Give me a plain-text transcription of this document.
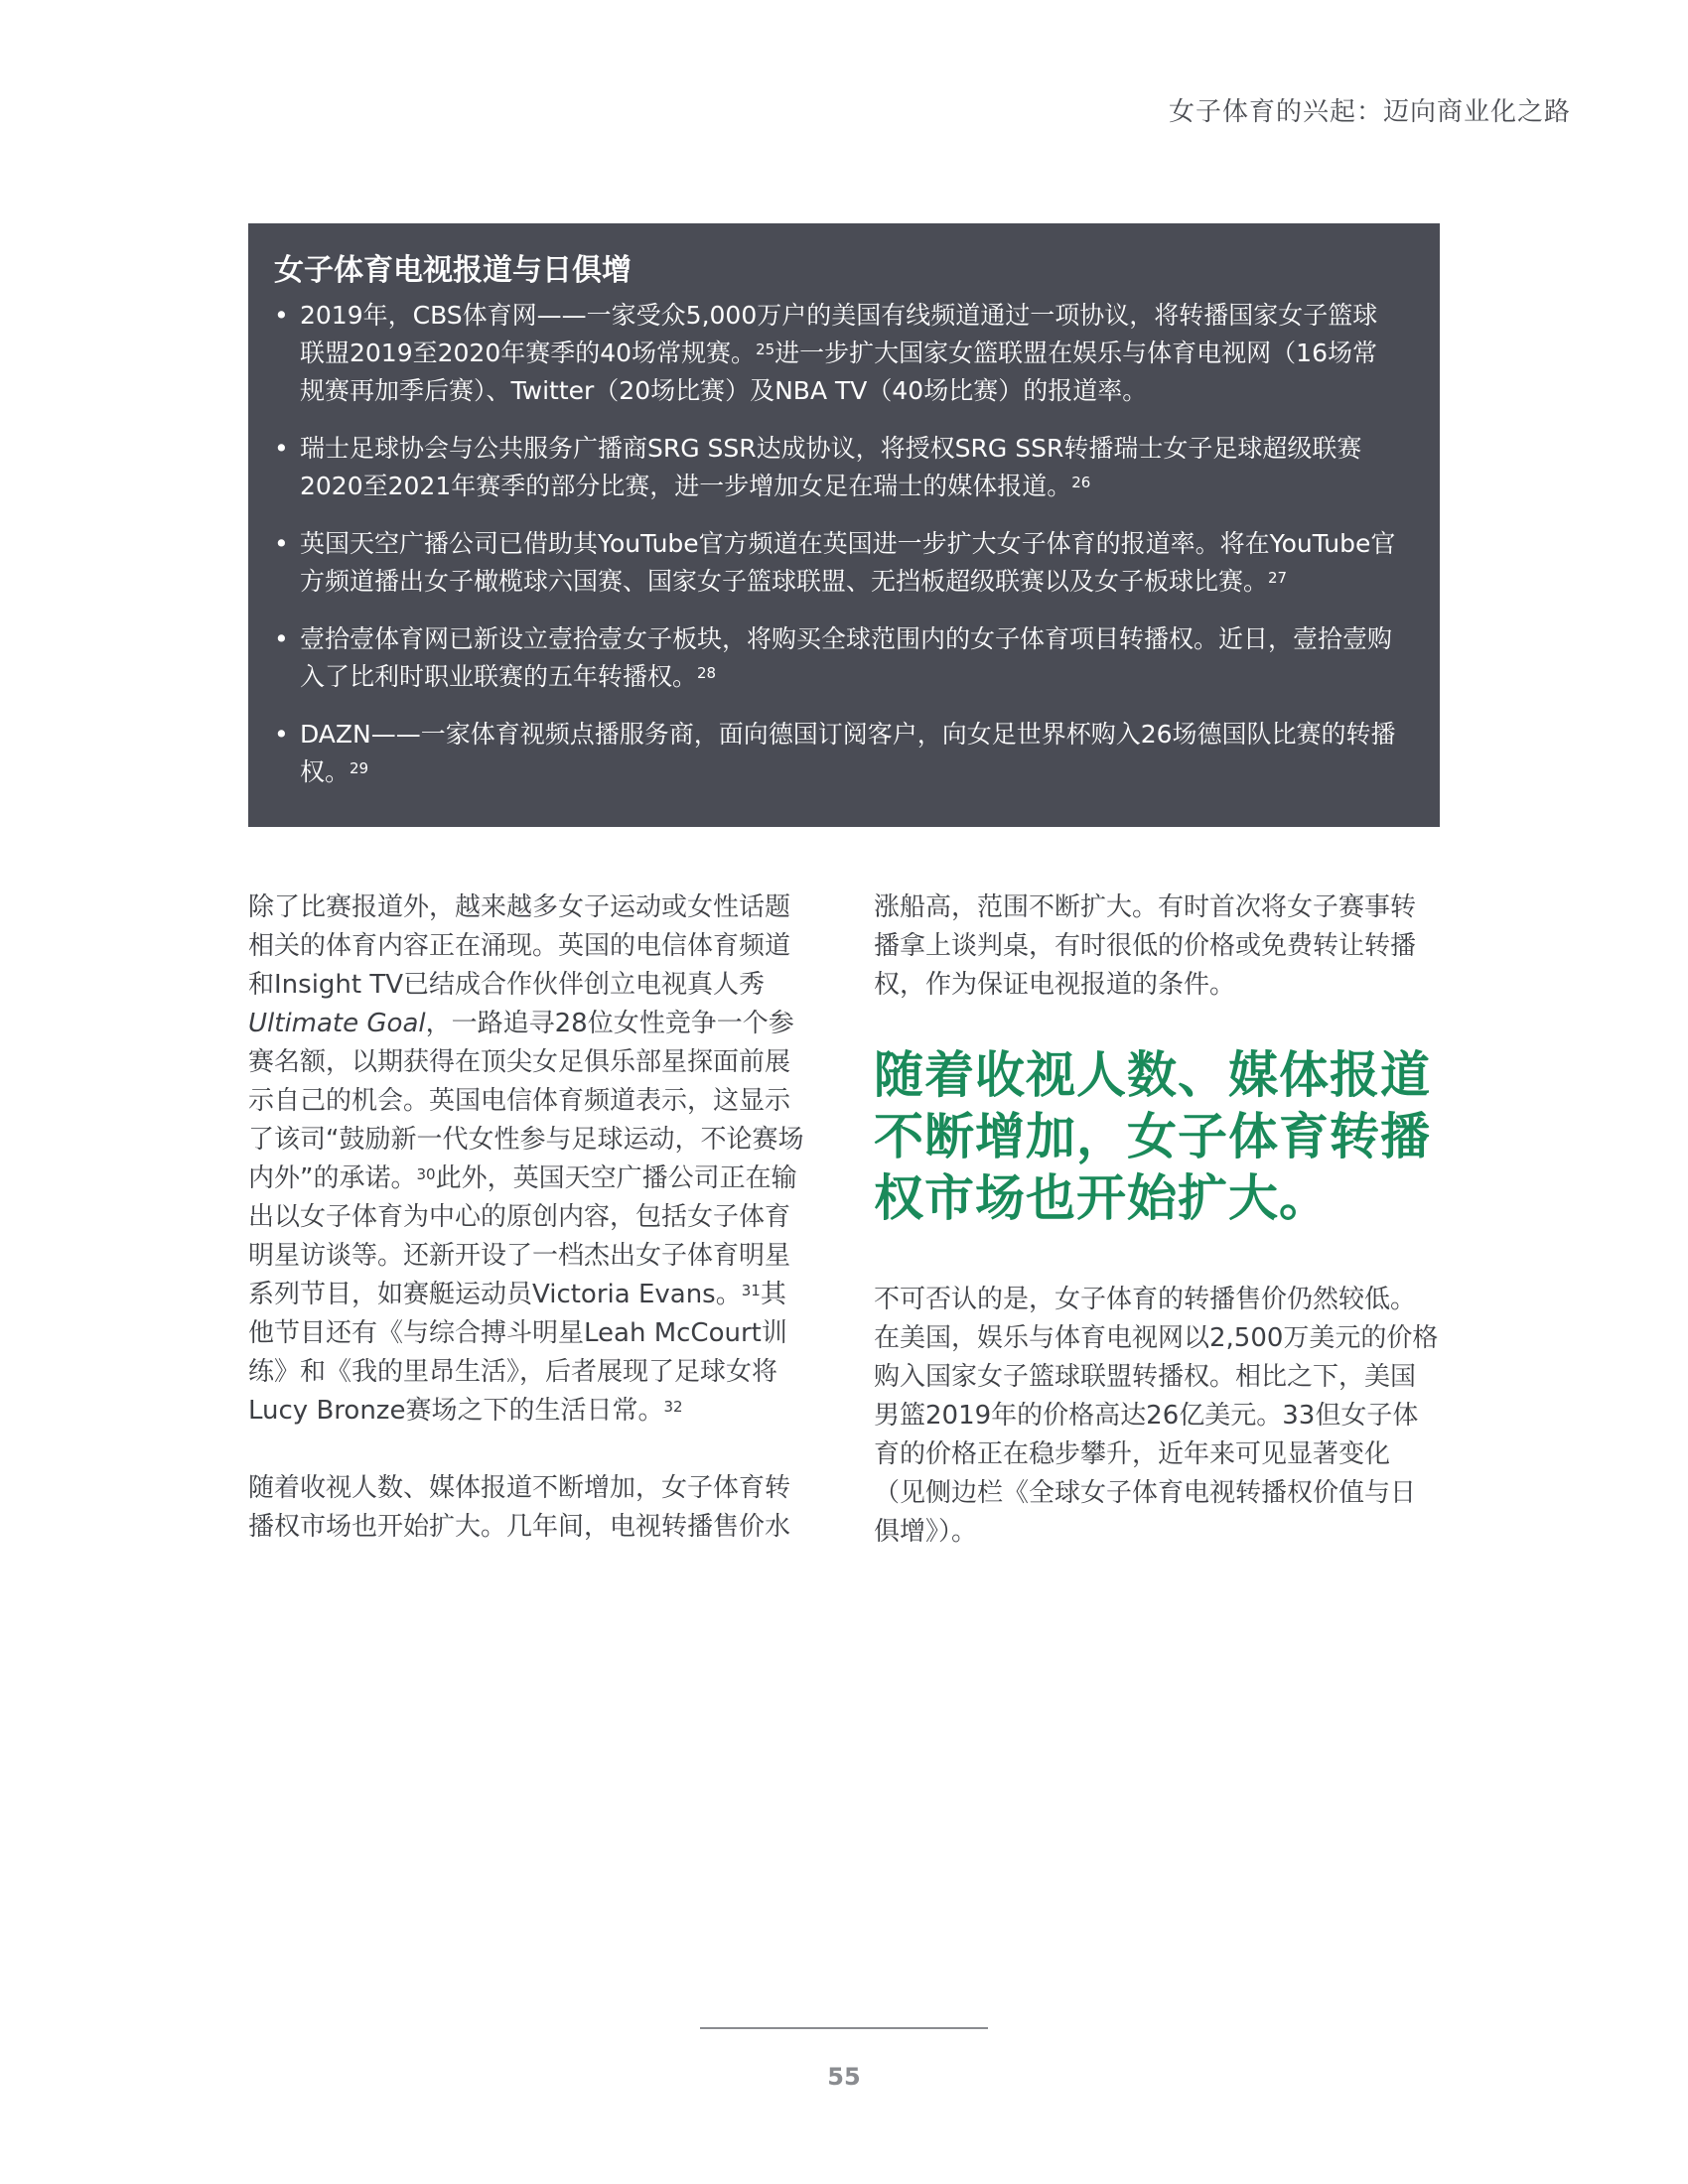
女子体育的兴起：迈向商业化之路
女子体育电视报道与日俱增
• 2019年，CBS体育网——一家受众5,000万户的美国有线频道通过一项协议，将转播国家女子篮球联盟2019至2020年赛季的40场常规赛。$^{25}$进一步扩大国家女篮联盟在娱乐与体育电视网（16场常规赛再加季后赛）、Twitter（20场比赛）及NBA TV（40场比赛）的报道率。
• 瑞士足球协会与公共服务广播商SRG SSR达成协议，将授权SRG SSR转播瑞士女子足球超级联赛2020至2021年赛季的部分比赛，进一步增加女足在瑞士的媒体报道。$^{26}$
• 英国天空广播公司已借助其YouTube官方频道在英国进一步扩大女子体育的报道率。将在YouTube官方频道播出女子橄榄球六国赛、国家女子篮球联盟、无挡板超级联赛以及女子板球比赛。$^{27}$
• 壹拾壹体育网已新设立壹拾壹女子板块，将购买全球范围内的女子体育项目转播权。近日，壹拾壹购入了比利时职业联赛的五年转播权。$^{28}$
• DAZN——一家体育视频点播服务商，面向德国订阅客户，向女足世界杯购入26场德国队比赛的转播权。$^{29}$

除了比赛报道外，越来越多女子运动或女性话题相关的体育内容正在涌现。英国的电信体育频道和Insight TV已结成合作伙伴创立电视真人秀Ultimate Goal，一路追寻28位女性竞争一个参赛名额，以期获得在顶尖女足俱乐部星探面前展示自己的机会。英国电信体育频道表示，这显示了该司“鼓励新一代女性参与足球运动，不论赛场内外”的承诺。$^{30}$此外，英国天空广播公司正在输出以女子体育为中心的原创内容，包括女子体育明星访谈等。还新开设了一档杰出女子体育明星系列节目，如赛艇运动员Victoria Evans。$^{31}$其他节目还有《与综合搏斗明星Leah McCourt训练》和《我的里昂生活》，后者展现了足球女将Lucy Bronze赛场之下的生活日常。$^{32}$

随着收视人数、媒体报道不断增加，女子体育转播权市场也开始扩大。几年间，电视转播售价水

涨船高，范围不断扩大。有时首次将女子赛事转播拿上谈判桌，有时很低的价格或免费转让转播权，作为保证电视报道的条件。

随着收视人数、媒体报道不断增加，女子体育转播权市场也开始扩大。

不可否认的是，女子体育的转播售价仍然较低。在美国，娱乐与体育电视网以2,500万美元的价格购入国家女子篮球联盟转播权。相比之下，美国男篮2019年的价格高达26亿美元。33但女子体育的价格正在稳步攀升，近年来可见显著变化（见侧边栏《全球女子体育电视转播权价值与日俱增》）。

55
